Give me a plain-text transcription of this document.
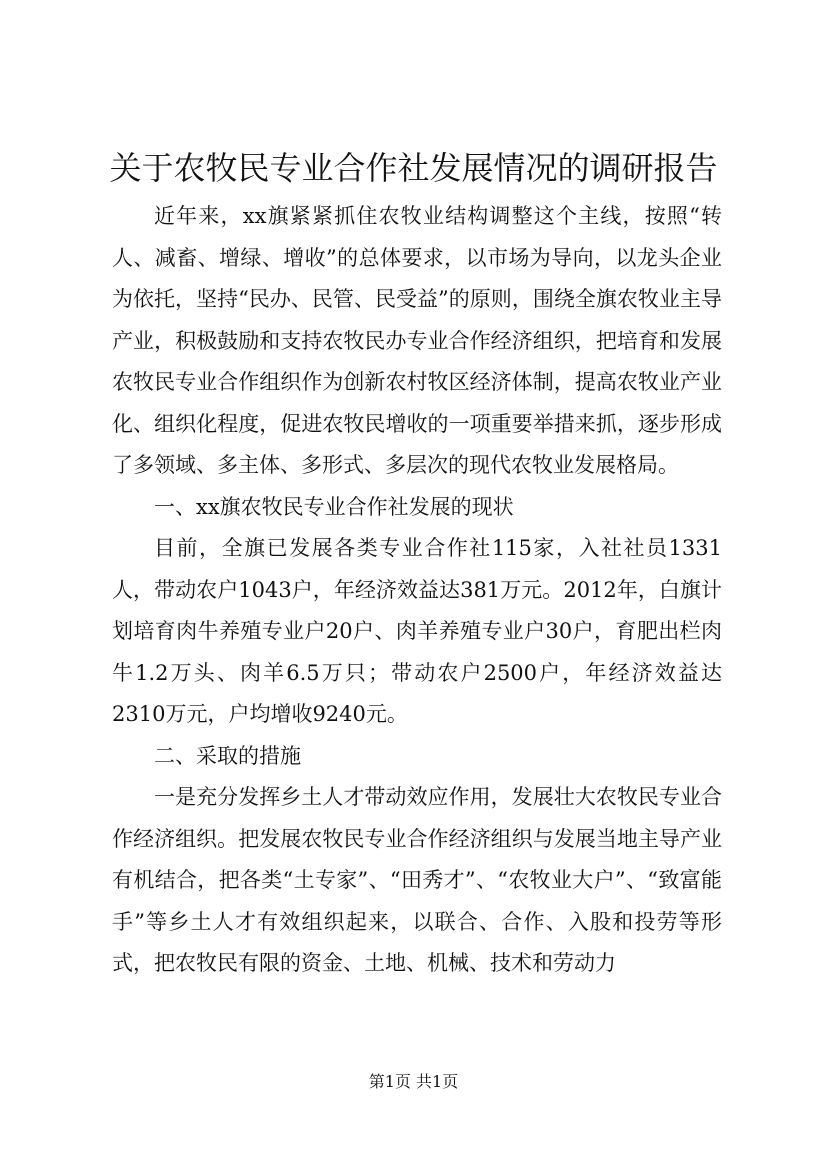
关于农牧民专业合作社发展情况的调研报告

近年来，xx旗紧紧抓住农牧业结构调整这个主线，按照“转人、减畜、增绿、增收”的总体要求，以市场为导向，以龙头企业为依托，坚持“民办、民管、民受益”的原则，围绕全旗农牧业主导产业，积极鼓励和支持农牧民办专业合作经济组织，把培育和发展农牧民专业合作组织作为创新农村牧区经济体制，提高农牧业产业化、组织化程度，促进农牧民增收的一项重要举措来抓，逐步形成了多领域、多主体、多形式、多层次的现代农牧业发展格局。

一、xx旗农牧民专业合作社发展的现状

目前，全旗已发展各类专业合作社115家，入社社员1331人，带动农户1043户，年经济效益达381万元。2012年，白旗计划培育肉牛养殖专业户20户、肉羊养殖专业户30户，育肥出栏肉牛1.2万头、肉羊6.5万只；带动农户2500户，年经济效益达2310万元，户均增收9240元。

二、采取的措施

一是充分发挥乡土人才带动效应作用，发展壮大农牧民专业合作经济组织。把发展农牧民专业合作经济组织与发展当地主导产业有机结合，把各类“土专家”、“田秀才”、“农牧业大户”、“致富能手”等乡土人才有效组织起来，以联合、合作、入股和投劳等形式，把农牧民有限的资金、土地、机械、技术和劳动力

第1页 共1页
